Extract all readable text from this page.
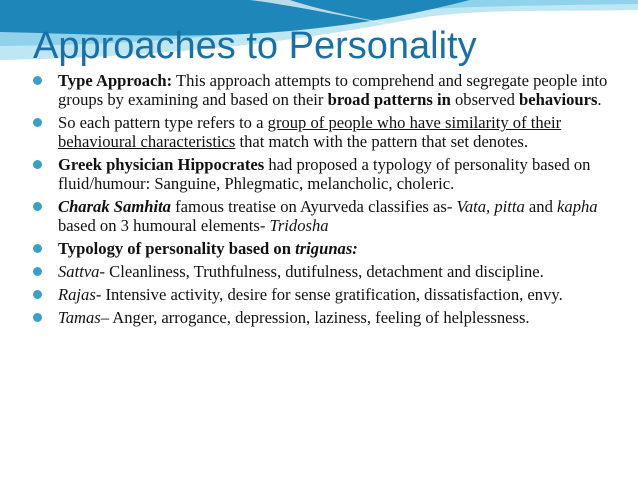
Approaches to Personality
Type Approach: This approach attempts to comprehend and segregate people into groups by examining and based on their broad patterns in observed behaviours.
So each pattern type refers to a group of people who have similarity of their behavioural characteristics that match with the pattern that set denotes.
Greek physician Hippocrates had proposed a typology of personality based on fluid/humour: Sanguine, Phlegmatic, melancholic, choleric.
Charak Samhita famous treatise on Ayurveda classifies as- Vata, pitta and kapha based on 3 humoural elements- Tridosha
Typology of personality based on trigunas:
Sattva- Cleanliness, Truthfulness, dutifulness, detachment and discipline.
Rajas- Intensive activity, desire for sense gratification, dissatisfaction, envy.
Tamas– Anger, arrogance, depression, laziness, feeling of helplessness.
